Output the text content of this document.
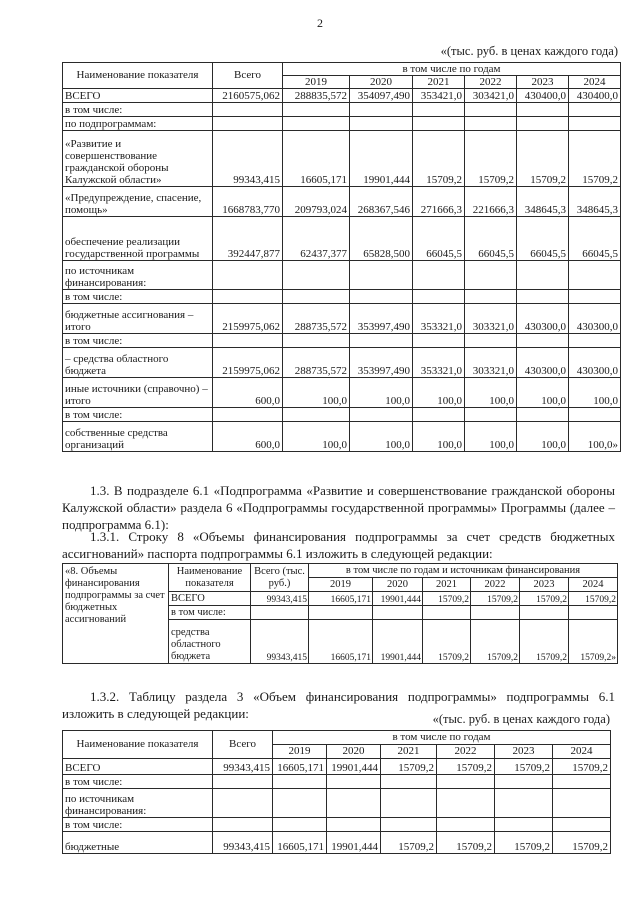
2
«(тыс. руб. в ценах каждого года)
Наименование показателя	Всего	в том числе по годам					
		2019	2020	2021	2022	2023	2024
ВСЕГО	2160575,062	288835,572	354097,490	353421,0	303421,0	430400,0	430400,0
в том числе:							
по подпрограммам:							
«Развитие и совершенствование гражданской обороны Калужской области»	99343,415	16605,171	19901,444	15709,2	15709,2	15709,2	15709,2
«Предупреждение, спасение, помощь»	1668783,770	209793,024	268367,546	271666,3	221666,3	348645,3	348645,3
обеспечение реализации государственной программы	392447,877	62437,377	65828,500	66045,5	66045,5	66045,5	66045,5
по источникам финансирования:							
в том числе:							
бюджетные ассигнования – итого	2159975,062	288735,572	353997,490	353321,0	303321,0	430300,0	430300,0
в том числе:							
– средства областного бюджета	2159975,062	288735,572	353997,490	353321,0	303321,0	430300,0	430300,0
иные источники (справочно) – итого	600,0	100,0	100,0	100,0	100,0	100,0	100,0
в том числе:							
собственные средства организаций	600,0	100,0	100,0	100,0	100,0	100,0	100,0»

1.3. В подразделе 6.1 «Подпрограмма «Развитие и совершенствование гражданской обороны Калужской области» раздела 6 «Подпрограммы государственной программы» Программы (далее – подпрограмма 6.1):

1.3.1. Строку 8 «Объемы финансирования подпрограммы за счет средств бюджетных ассигнований» паспорта подпрограммы 6.1 изложить в следующей редакции:

«8. Объемы финансирования подпрограммы за счет бюджетных ассигнований	Наименование показателя	Всего (тыс. руб.)	в том числе по годам и источникам финансирования					
			2019	2020	2021	2022	2023	2024
	ВСЕГО	99343,415	16605,171	19901,444	15709,2	15709,2	15709,2	15709,2
	в том числе:							
	средства областного бюджета	99343,415	16605,171	19901,444	15709,2	15709,2	15709,2	15709,2»

1.3.2. Таблицу раздела 3 «Объем финансирования подпрограммы» подпрограммы 6.1 изложить в следующей редакции:	«(тыс. руб. в ценах каждого года)
Наименование показателя	Всего	в том числе по годам					
		2019	2020	2021	2022	2023	2024
ВСЕГО	99343,415	16605,171	19901,444	15709,2	15709,2	15709,2	15709,2
в том числе:							
по источникам финансирования:							
в том числе:							
бюджетные	99343,415	16605,171	19901,444	15709,2	15709,2	15709,2	15709,2
